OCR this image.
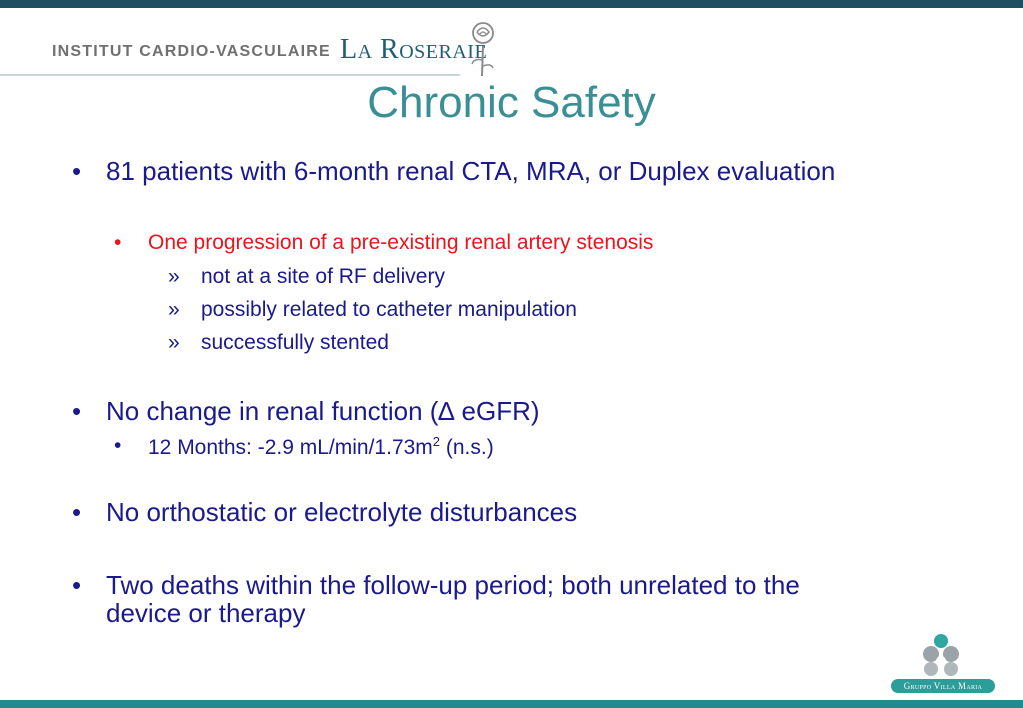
INSTITUT CARDIO-VASCULAIRE La Roseraie
Chronic Safety
• 81 patients with 6-month renal CTA, MRA, or Duplex evaluation
• One progression of a pre-existing renal artery stenosis
» not at a site of RF delivery
» possibly related to catheter manipulation
» successfully stented
• No change in renal function (∆ eGFR)
• 12 Months: -2.9 $mL/\min/1.73m^2$ (n.s.)
• No orthostatic or electrolyte disturbances
• Two deaths within the follow-up period; both unrelated to the
device or therapy
Gruppo Villa Maria
